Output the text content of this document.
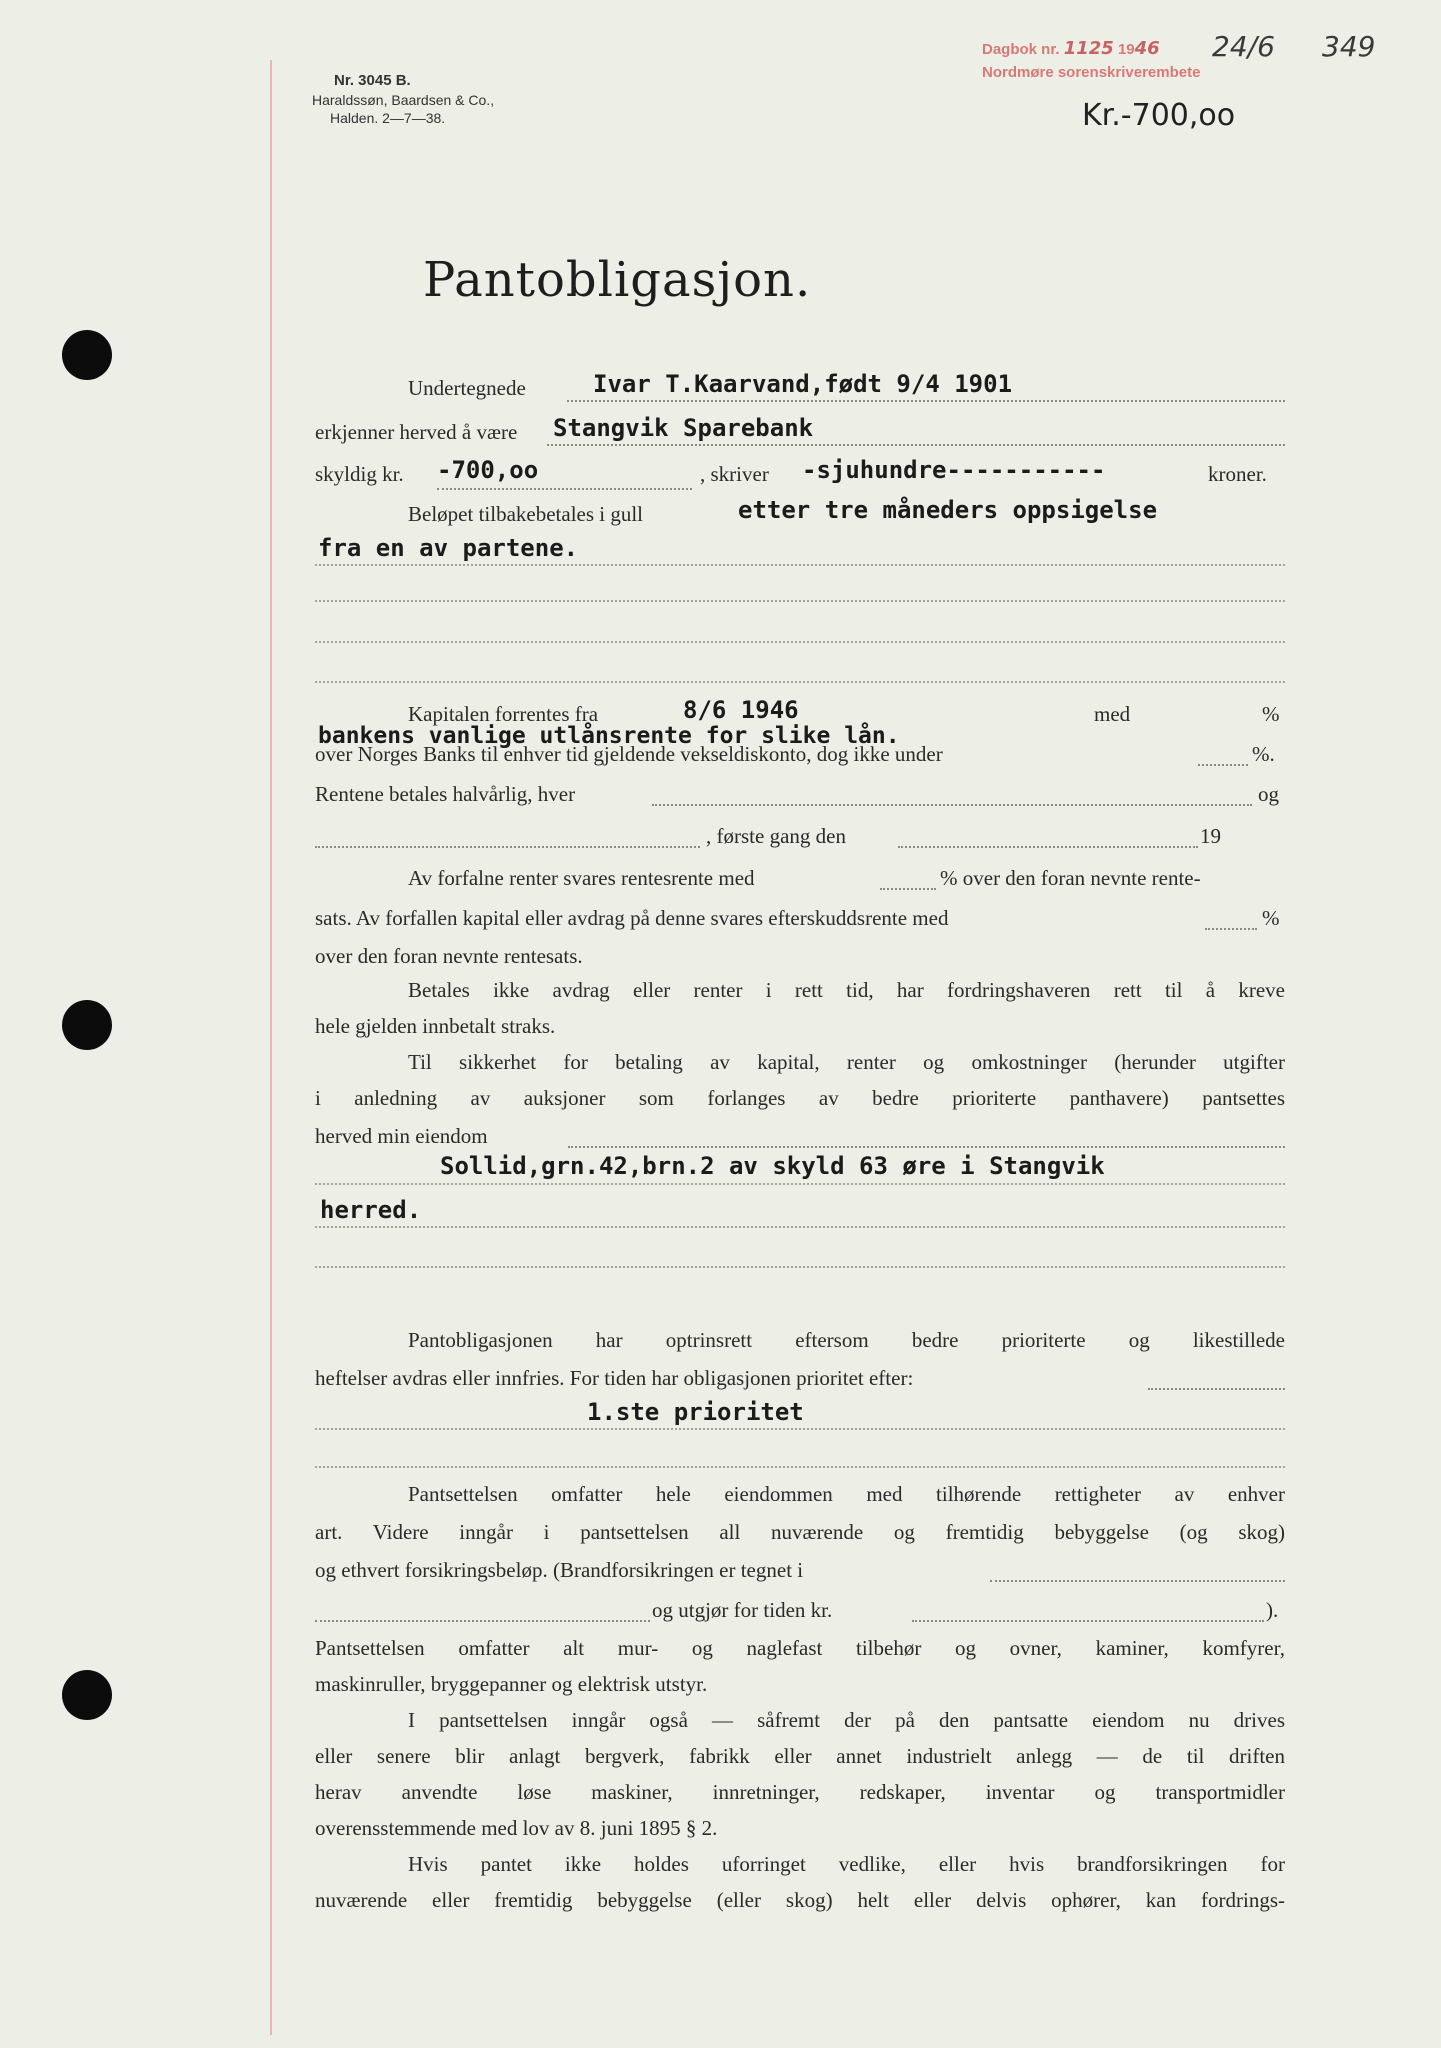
Nr. 3045 B.
Haraldssøn, Baardsen & Co.,
Halden. 2—7—38.
Dagbok nr. 1125 1946 24/6 349
Nordmøre sorenskriverembete
Kr.-700,oo
Pantobligasjon.
Undertegnede	Ivar T.Kaarvand,født 9/4 1901
erkjenner herved å være Stangvik Sparebank
skyldig kr. -700,oo	, skriver -sjuhundre-----------	kroner.
Beløpet tilbakebetales i gull	etter tre måneders oppsigelse
fra en av partene.
Kapitalen forrentes fra	8/6 1946	med	%
bankens vanlige utlånsrente for slike lån.
over Norges Banks til enhver tid gjeldende vekseldiskonto, dog ikke under	%.
Rentene betales halvårlig, hver	og
, første gang den	19
Av forfalne renter svares rentesrente med	% over den foran nevnte rente-
sats. Av forfallen kapital eller avdrag på denne svares efterskuddsrente med	%
over den foran nevnte rentesats.
Betales ikke avdrag eller renter i rett tid, har fordringshaveren rett til å kreve
hele gjelden innbetalt straks.
Til sikkerhet for betaling av kapital, renter og omkostninger (herunder utgifter
i anledning av auksjoner som forlanges av bedre prioriterte panthavere) pantsettes
herved min eiendom
Sollid,grn.42,brn.2 av skyld 63 øre i Stangvik
herred.
Pantobligasjonen har optrinsrett eftersom bedre prioriterte og likestillede
heftelser avdras eller innfries. For tiden har obligasjonen prioritet efter:
1.ste prioritet
Pantsettelsen omfatter hele eiendommen med tilhørende rettigheter av enhver
art. Videre inngår i pantsettelsen all nuværende og fremtidig bebyggelse (og skog)
og ethvert forsikringsbeløp. (Brandforsikringen er tegnet i
og utgjør for tiden kr.	).
Pantsettelsen omfatter alt mur- og naglefast tilbehør og ovner, kaminer, komfyrer,
maskinruller, bryggepanner og elektrisk utstyr.
I pantsettelsen inngår også — såfremt der på den pantsatte eiendom nu drives
eller senere blir anlagt bergverk, fabrikk eller annet industrielt anlegg — de til driften
herav anvendte løse maskiner, innretninger, redskaper, inventar og transportmidler
overensstemmende med lov av 8. juni 1895 § 2.
Hvis pantet ikke holdes uforringet vedlike, eller hvis brandforsikringen for
nuværende eller fremtidig bebyggelse (eller skog) helt eller delvis ophører, kan fordrings-
